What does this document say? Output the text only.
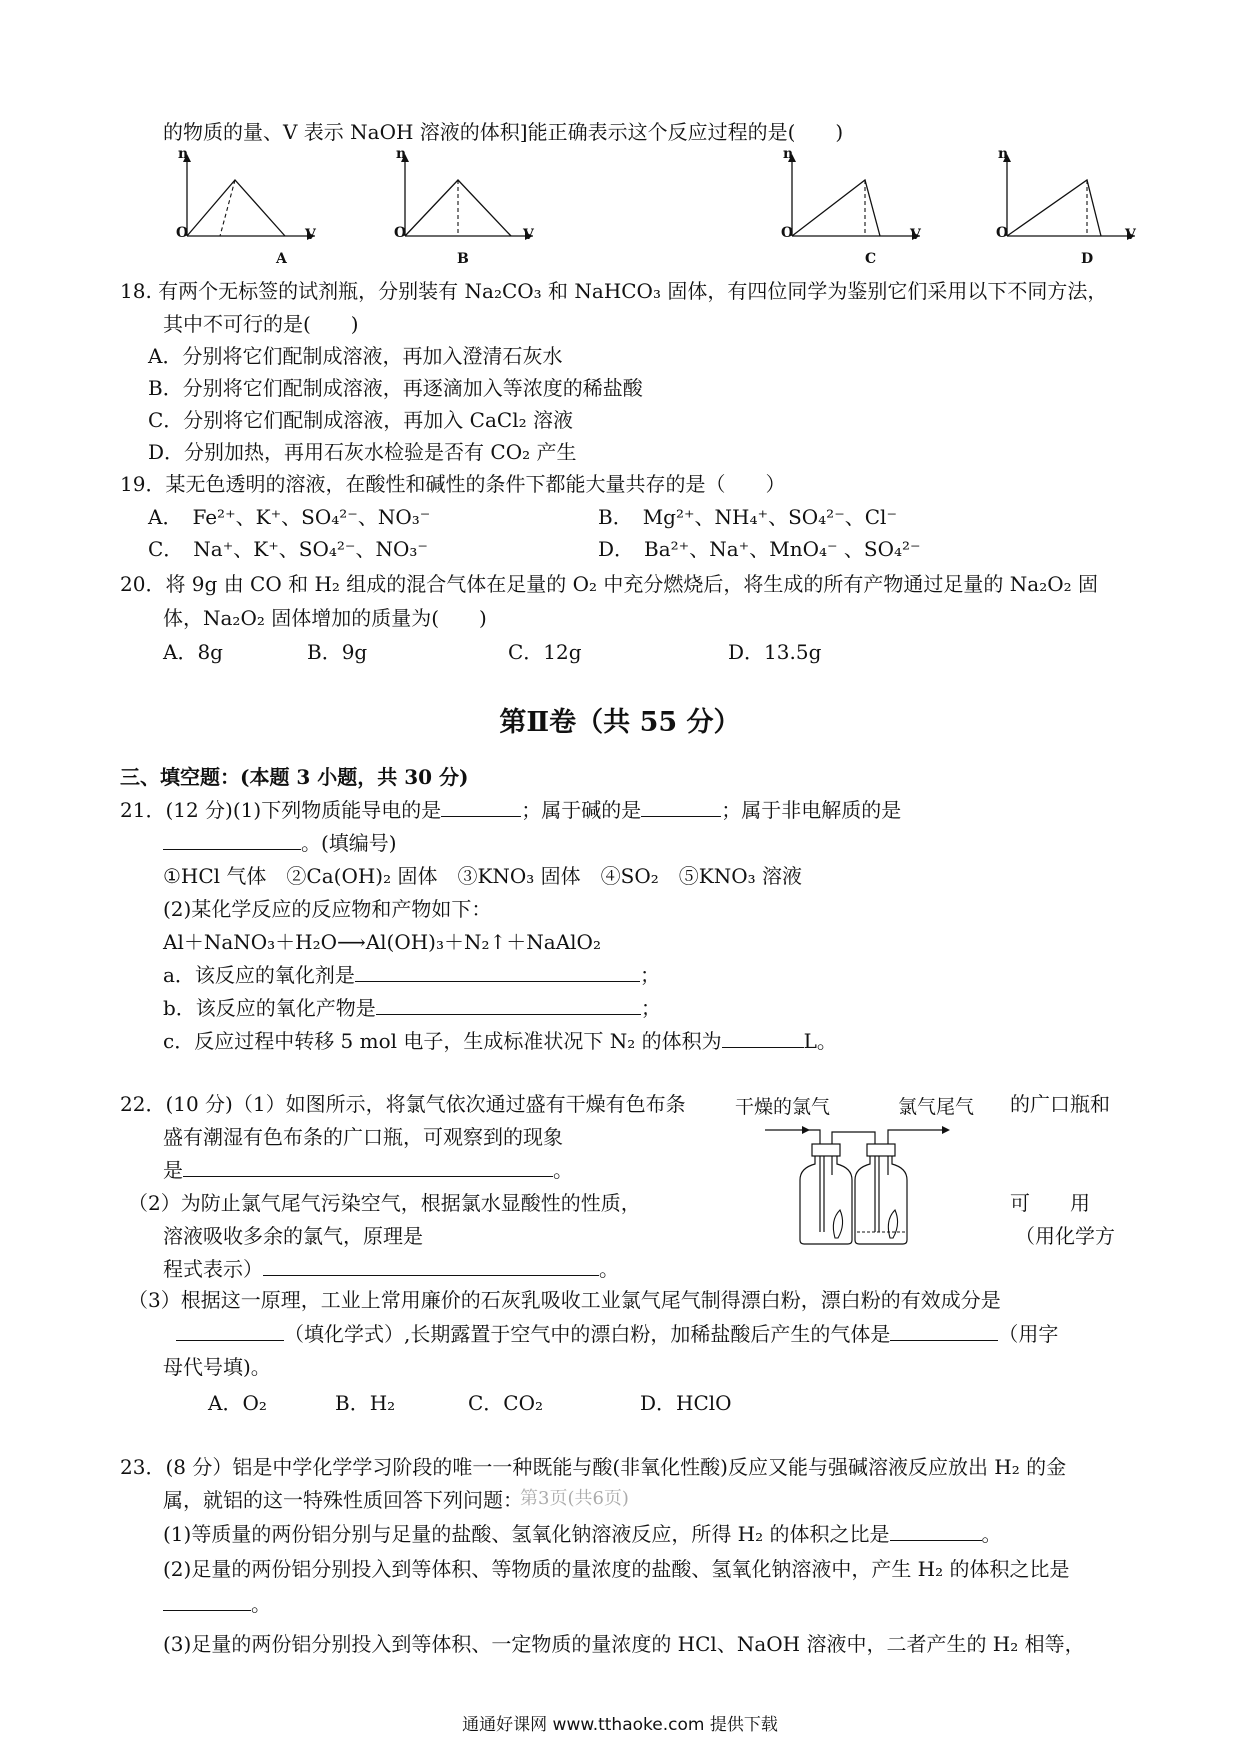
的物质的量、V 表示 NaOH 溶液的体积]能正确表示这个反应过程的是(　　)
n
O	V
A
n
O	V
B
n
O	V
C
n
O	V
D
18. 有两个无标签的试剂瓶，分别装有 Na₂CO₃ 和 NaHCO₃ 固体，有四位同学为鉴别它们采用以下不同方法，
其中不可行的是(　　)
A．分别将它们配制成溶液，再加入澄清石灰水
B．分别将它们配制成溶液，再逐滴加入等浓度的稀盐酸
C．分别将它们配制成溶液，再加入 CaCl₂ 溶液
D．分别加热，再用石灰水检验是否有 CO₂ 产生
19．某无色透明的溶液，在酸性和碱性的条件下都能大量共存的是（　　）
A．　Fe²⁺、K⁺、SO₄²⁻、NO₃⁻	B．　Mg²⁺、NH₄⁺、SO₄²⁻、Cl⁻
C．　Na⁺、K⁺、SO₄²⁻、NO₃⁻	D．　Ba²⁺、Na⁺、MnO₄⁻ 、SO₄²⁻
20．将 9g 由 CO 和 H₂ 组成的混合气体在足量的 O₂ 中充分燃烧后，将生成的所有产物通过足量的 Na₂O₂ 固
体，Na₂O₂ 固体增加的质量为(　　)
A．8g	B．9g	C．12g	D．13.5g
第Ⅱ卷（共 55 分）
三、填空题：(本题 3 小题，共 30 分)
21．(12 分)(1)下列物质能导电的是	；属于碱的是	；属于非电解质的是
。(填编号)
①HCl 气体　②Ca(OH)₂ 固体　③KNO₃ 固体　④SO₂　⑤KNO₃ 溶液
(2)某化学反应的反应物和产物如下：
Al＋NaNO₃＋H₂O⟶Al(OH)₃＋N₂↑＋NaAlO₂
a．该反应的氧化剂是	；
b．该反应的氧化产物是	；
c．反应过程中转移 5 mol 电子，生成标准状况下 N₂ 的体积为	L。
22．(10 分)（1）如图所示，将氯气依次通过盛有干燥有色布条	的广口瓶和
盛有潮湿有色布条的广口瓶，可观察到的现象
是	。
（2）为防止氯气尾气污染空气，根据氯水显酸性的性质，	可　　用
溶液吸收多余的氯气，原理是	（用化学方
程式表示）	。
（3）根据这一原理，工业上常用廉价的石灰乳吸收工业氯气尾气制得漂白粉，漂白粉的有效成分是
（填化学式）,长期露置于空气中的漂白粉，加稀盐酸后产生的气体是	（用字
母代号填)。
A．O₂	B．H₂	C．CO₂	D．HClO
干燥的氯气	氯气尾气
23．(8 分）铝是中学化学学习阶段的唯一一种既能与酸(非氧化性酸)反应又能与强碱溶液反应放出 H₂ 的金
属，就铝的这一特殊性质回答下列问题：
第3页(共6页)
(1)等质量的两份铝分别与足量的盐酸、氢氧化钠溶液反应，所得 H₂ 的体积之比是	。
(2)足量的两份铝分别投入到等体积、等物质的量浓度的盐酸、氢氧化钠溶液中，产生 H₂ 的体积之比是
。
(3)足量的两份铝分别投入到等体积、一定物质的量浓度的 HCl、NaOH 溶液中，二者产生的 H₂ 相等，
通通好课网 www.tthaoke.com 提供下载
